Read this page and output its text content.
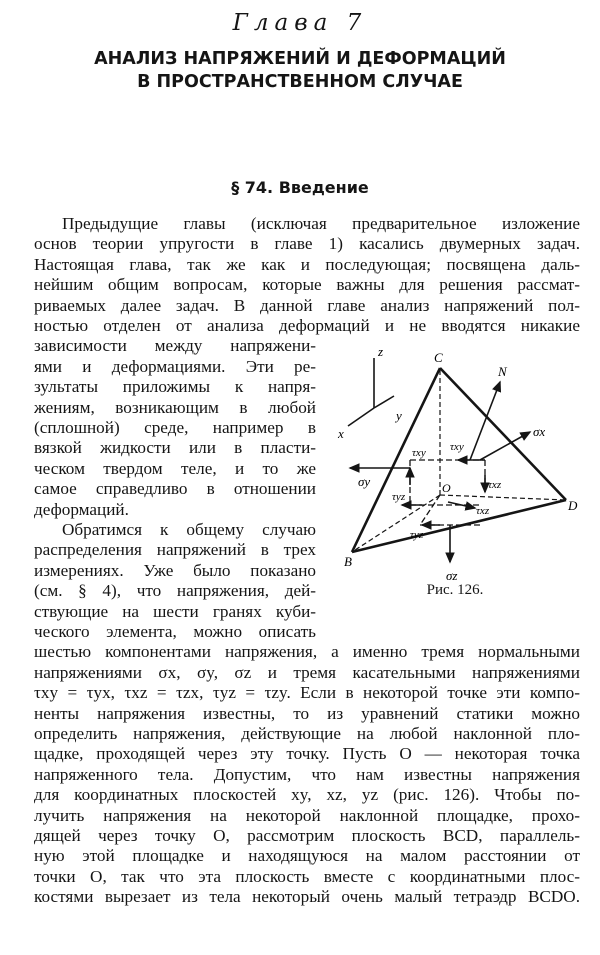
Глава 7
АНАЛИЗ НАПРЯЖЕНИЙ И ДЕФОРМАЦИЙ
В ПРОСТРАНСТВЕННОМ СЛУЧАЕ
§ 74. Введение
Предыдущие главы (исключая предварительное изложение
основ теории упругости в главе 1) касались двумерных задач.
Настоящая глава, так же как и последующая; посвящена даль-
нейшим общим вопросам, которые важны для решения рассмат-
риваемых далее задач. В данной главе анализ напряжений пол-
ностью отделен от анализа деформаций и не вводятся никакие
зависимости между напряжени-
ями и деформациями. Эти ре-
зультаты приложимы к напря-
жениям, возникающим в любой
(сплошной) среде, например в
вязкой жидкости или в пласти-
ческом твердом теле, и то же
самое справедливо в отношении
деформаций.
Обратимся к общему случаю
распределения напряжений в трех
измерениях. Уже было показано
(см. § 4), что напряжения, дей-
ствующие на шести гранях куби-
ческого элемента, можно описать
шестью компонентами напряжения, а именно тремя нормальными
напряжениями σx, σy, σz и тремя касательными напряжениями
τxy = τyx, τxz = τzx, τyz = τzy. Если в некоторой точке эти компо-
ненты напряжения известны, то из уравнений статики можно
определить напряжения, действующие на любой наклонной пло-
щадке, проходящей через эту точку. Пусть O — некоторая точка
напряженного тела. Допустим, что нам известны напряжения
для координатных плоскостей xy, xz, yz (рис. 126). Чтобы по-
лучить напряжения на некоторой наклонной площадке, прохо-
дящей через точку O, рассмотрим плоскость BCD, параллель-
ную этой площадке и находящуюся на малом расстоянии от
точки O, так что эта плоскость вместе с координатными плос-
костями вырезает из тела некоторый очень малый тетраэдр BCDO.
z
y
x
C
B
D
O
N
σx
σy
σz
τxy
τxy
τxz
τyz
τyz
τxz
Рис. 126.
